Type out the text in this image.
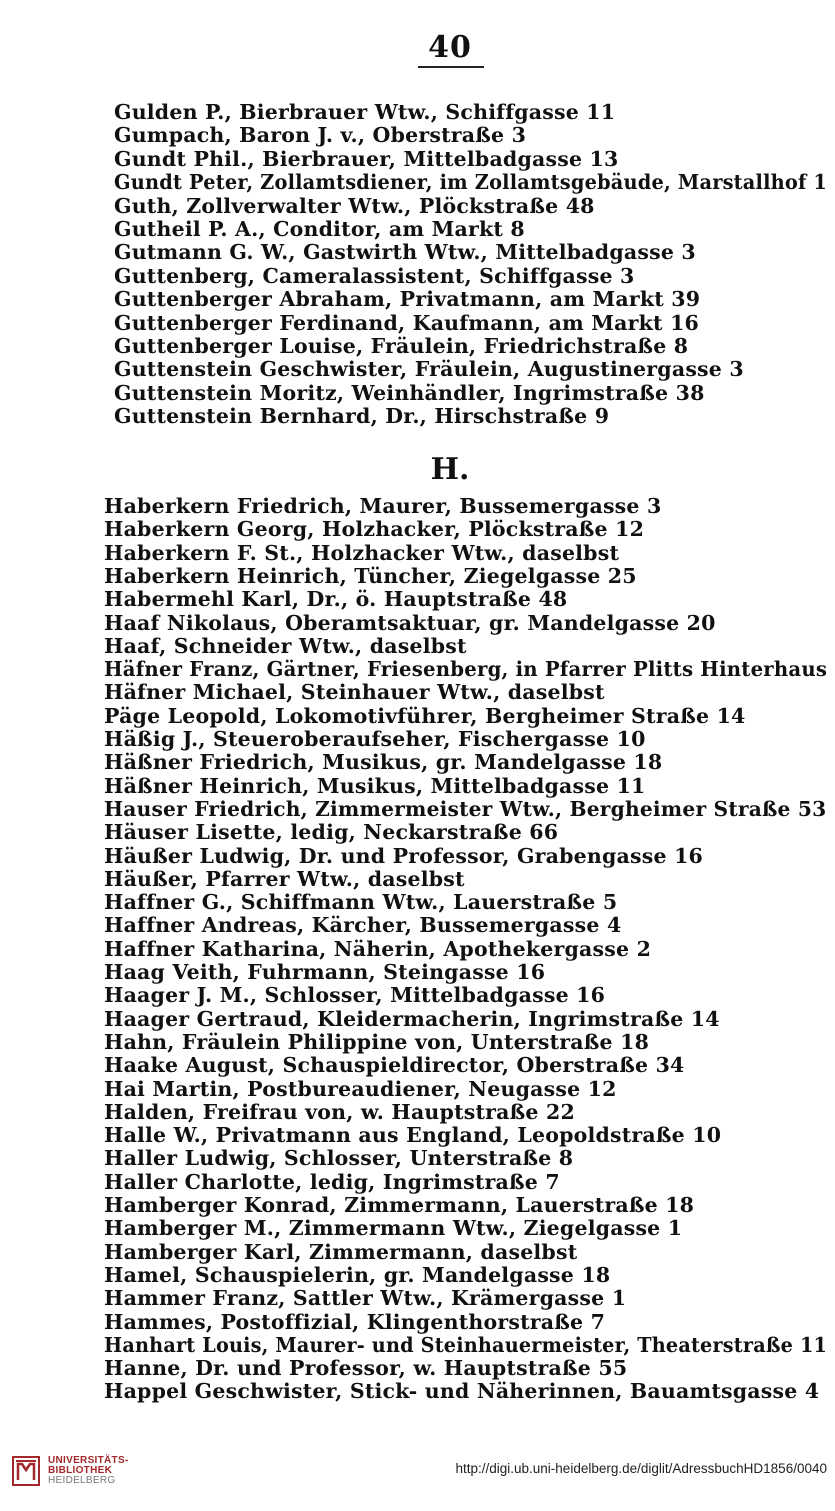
40
Gulden P., Bierbrauer Wtw., Schiffgasse 11
Gumpach, Baron J. v., Oberstraße 3
Gundt Phil., Bierbrauer, Mittelbadgasse 13
Gundt Peter, Zollamtsdiener, im Zollamtsgebäude, Marstallhof 1
Guth, Zollverwalter Wtw., Plöckstraße 48
Gutheil P. A., Conditor, am Markt 8
Gutmann G. W., Gastwirth Wtw., Mittelbadgasse 3
Guttenberg, Cameralassistent, Schiffgasse 3
Guttenberger Abraham, Privatmann, am Markt 39
Guttenberger Ferdinand, Kaufmann, am Markt 16
Guttenberger Louise, Fräulein, Friedrichstraße 8
Guttenstein Geschwister, Fräulein, Augustinergasse 3
Guttenstein Moritz, Weinhändler, Ingrimstraße 38
Guttenstein Bernhard, Dr., Hirschstraße 9
H.
Haberkern Friedrich, Maurer, Bussemergasse 3
Haberkern Georg, Holzhacker, Plöckstraße 12
Haberkern F. St., Holzhacker Wtw., daselbst
Haberkern Heinrich, Tüncher, Ziegelgasse 25
Habermehl Karl, Dr., ö. Hauptstraße 48
Haaf Nikolaus, Oberamtsaktuar, gr. Mandelgasse 20
Haaf, Schneider Wtw., daselbst
Häfner Franz, Gärtner, Friesenberg, in Pfarrer Plitts Hinterhaus
Häfner Michael, Steinhauer Wtw., daselbst
Päge Leopold, Lokomotivführer, Bergheimer Straße 14
Häßig J., Steueroberaufseher, Fischergasse 10
Häßner Friedrich, Musikus, gr. Mandelgasse 18
Häßner Heinrich, Musikus, Mittelbadgasse 11
Hauser Friedrich, Zimmermeister Wtw., Bergheimer Straße 53
Häuser Lisette, ledig, Neckarstraße 66
Häußer Ludwig, Dr. und Professor, Grabengasse 16
Häußer, Pfarrer Wtw., daselbst
Haffner G., Schiffmann Wtw., Lauerstraße 5
Haffner Andreas, Kärcher, Bussemergasse 4
Haffner Katharina, Näherin, Apothekergasse 2
Haag Veith, Fuhrmann, Steingasse 16
Haager J. M., Schlosser, Mittelbadgasse 16
Haager Gertraud, Kleidermacherin, Ingrimstraße 14
Hahn, Fräulein Philippine von, Unterstraße 18
Haake August, Schauspieldirector, Oberstraße 34
Hai Martin, Postbureaudiener, Neugasse 12
Halden, Freifrau von, w. Hauptstraße 22
Halle W., Privatmann aus England, Leopoldstraße 10
Haller Ludwig, Schlosser, Unterstraße 8
Haller Charlotte, ledig, Ingrimstraße 7
Hamberger Konrad, Zimmermann, Lauerstraße 18
Hamberger M., Zimmermann Wtw., Ziegelgasse 1
Hamberger Karl, Zimmermann, daselbst
Hamel, Schauspielerin, gr. Mandelgasse 18
Hammer Franz, Sattler Wtw., Krämergasse 1
Hammes, Postoffizial, Klingenthorstraße 7
Hanhart Louis, Maurer- und Steinhauermeister, Theaterstraße 11
Hanne, Dr. und Professor, w. Hauptstraße 55
Happel Geschwister, Stick- und Näherinnen, Bauamtsgasse 4
UNIVERSITÄTS-
BIBLIOTHEK
HEIDELBERG
http://digi.ub.uni-heidelberg.de/diglit/AdressbuchHD1856/0040
